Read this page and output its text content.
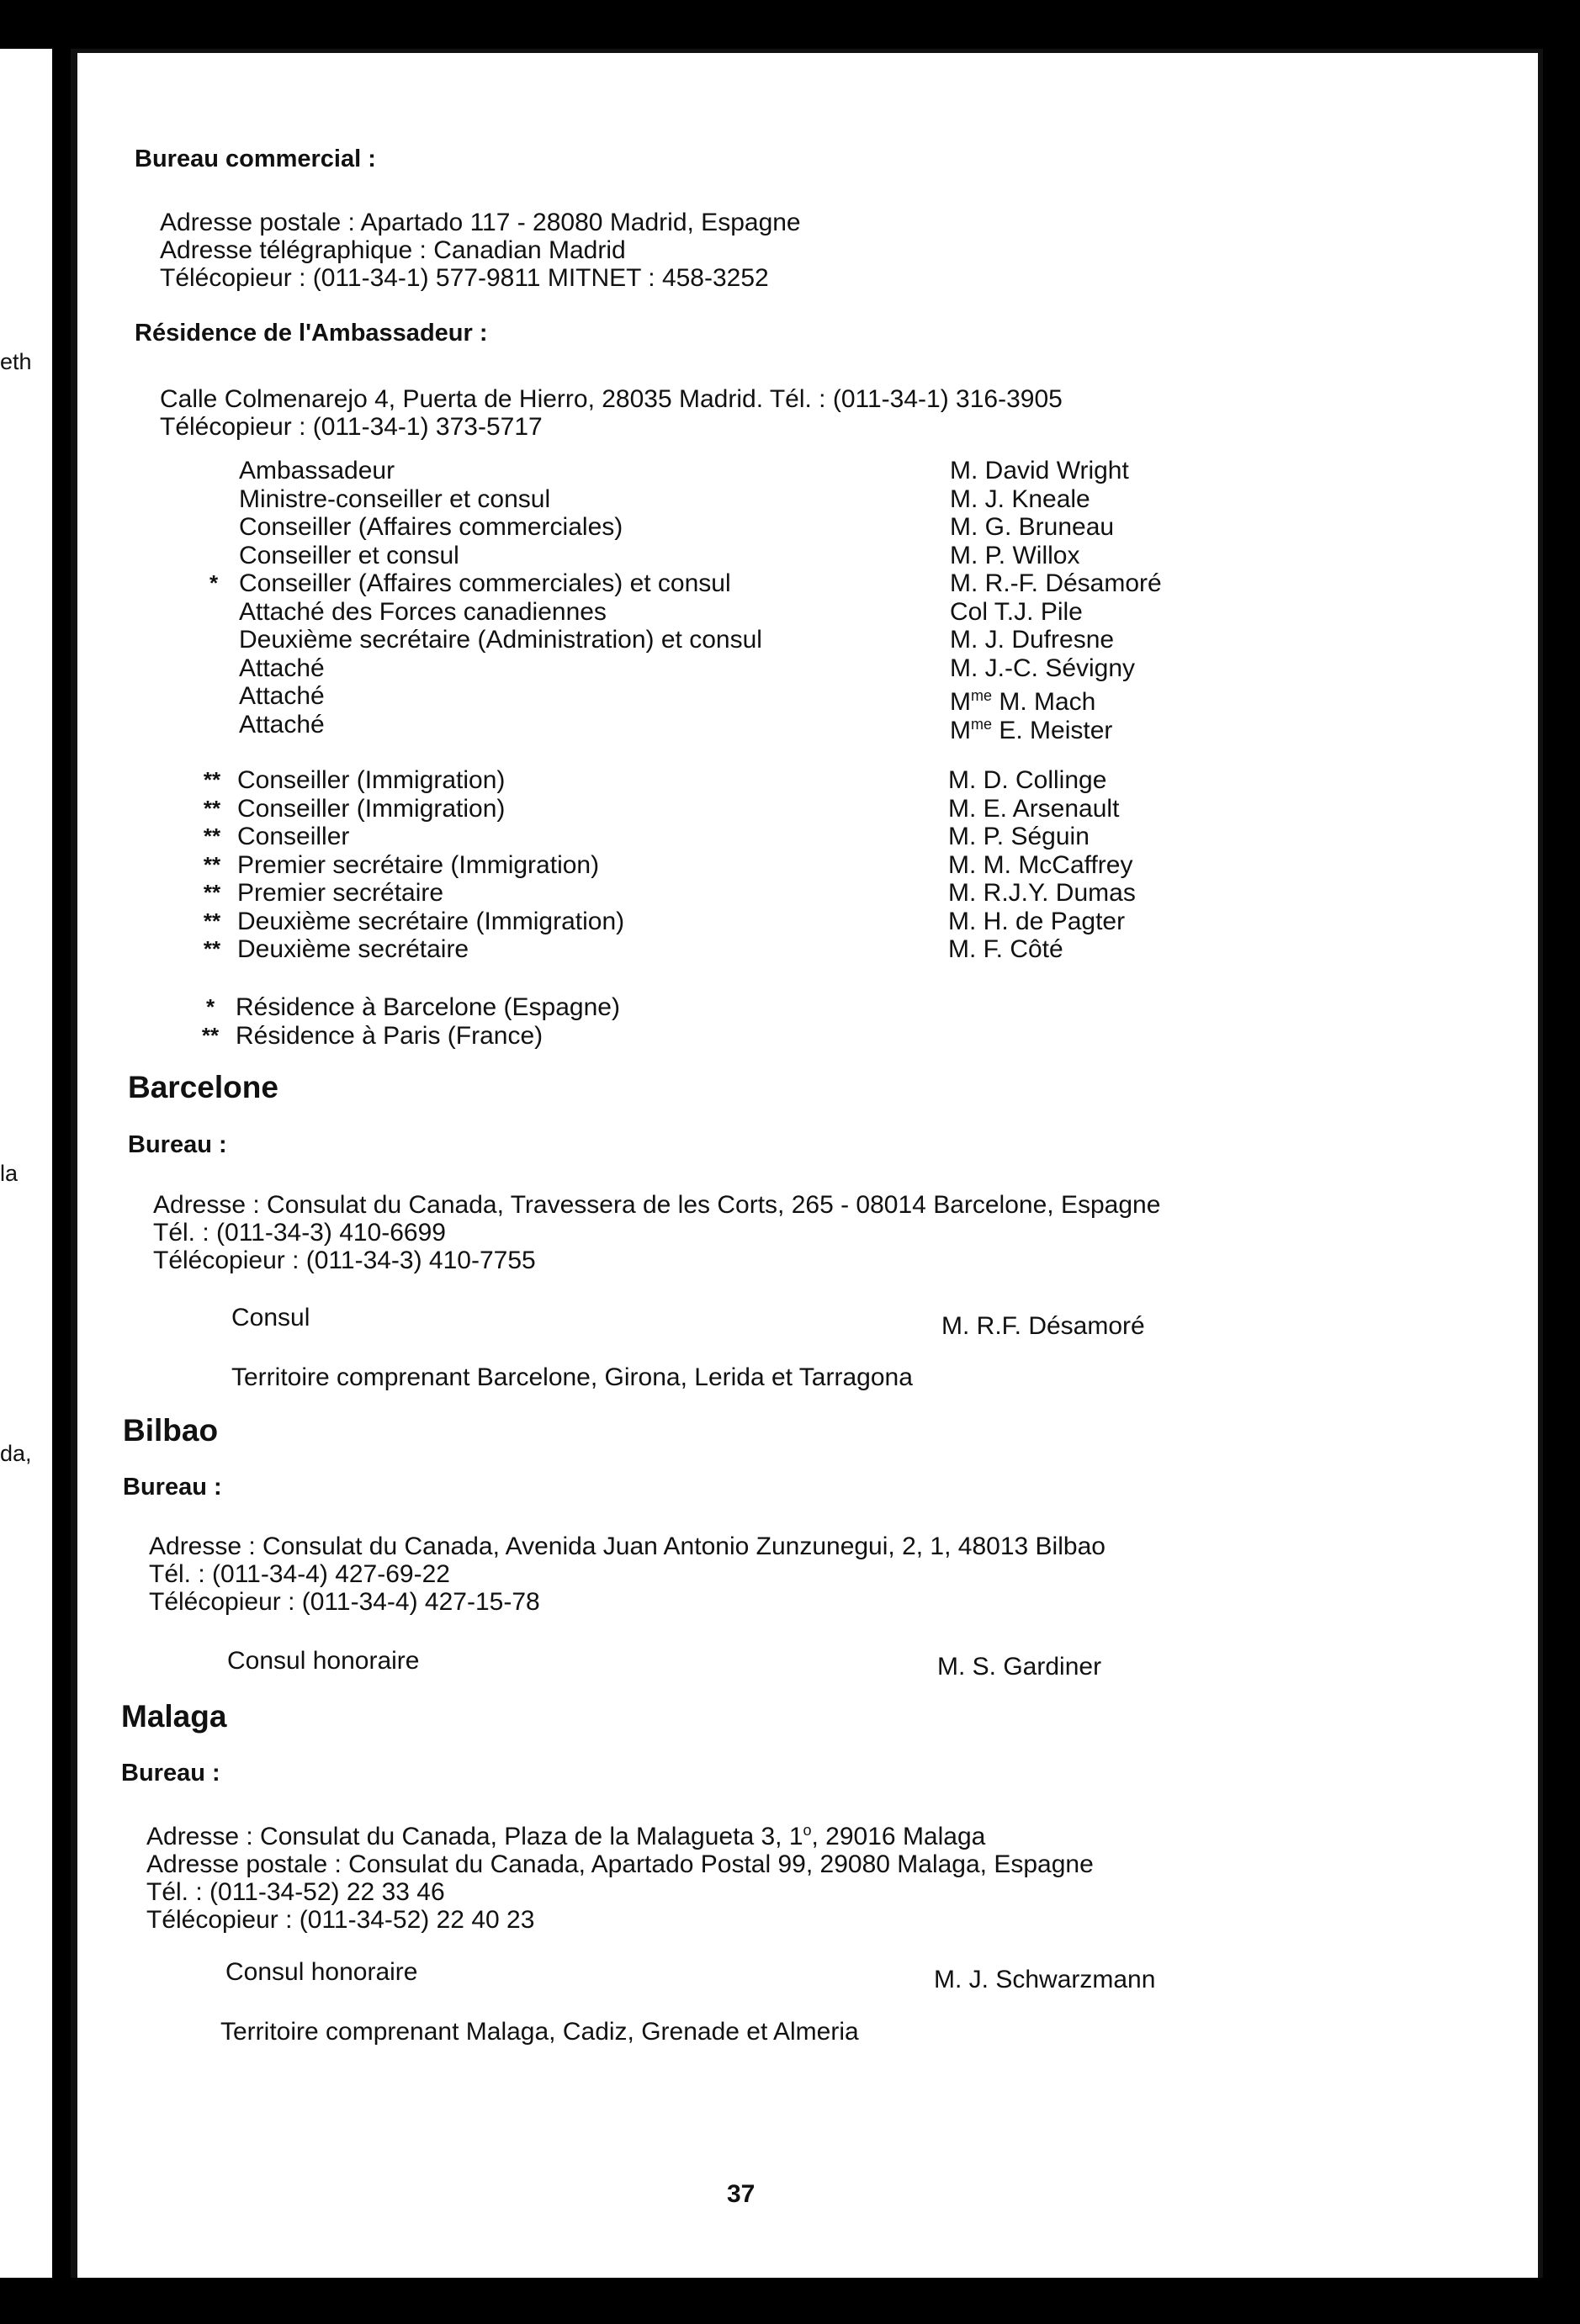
eth
la
da,
Bureau commercial :
Adresse postale : Apartado 117 - 28080 Madrid, Espagne
Adresse télégraphique : Canadian Madrid
Télécopieur : (011-34-1) 577-9811 MITNET : 458-3252
Résidence de l'Ambassadeur :
Calle Colmenarejo 4, Puerta de Hierro, 28035 Madrid. Tél. : (011-34-1) 316-3905
Télécopieur : (011-34-1) 373-5717
Ambassadeur	M. David Wright
Ministre-conseiller et consul	M. J. Kneale
Conseiller (Affaires commerciales)	M. G. Bruneau
Conseiller et consul	M. P. Willox
* Conseiller (Affaires commerciales) et consul	M. R.-F. Désamoré
Attaché des Forces canadiennes	Col T.J. Pile
Deuxième secrétaire (Administration) et consul	M. J. Dufresne
Attaché	M. J.-C. Sévigny
Attaché	$M^{me}$ M. Mach
Attaché	$M^{me}$ E. Meister
** Conseiller (Immigration)	M. D. Collinge
** Conseiller (Immigration)	M. E. Arsenault
** Conseiller	M. P. Séguin
** Premier secrétaire (Immigration)	M. M. McCaffrey
** Premier secrétaire	M. R.J.Y. Dumas
** Deuxième secrétaire (Immigration)	M. H. de Pagter
** Deuxième secrétaire	M. F. Côté
* Résidence à Barcelone (Espagne)
** Résidence à Paris (France)
Barcelone
Bureau :
Adresse : Consulat du Canada, Travessera de les Corts, 265 - 08014 Barcelone, Espagne
Tél. : (011-34-3) 410-6699
Télécopieur : (011-34-3) 410-7755
Consul	M. R.F. Désamoré
Territoire comprenant Barcelone, Girona, Lerida et Tarragona
Bilbao
Bureau :
Adresse : Consulat du Canada, Avenida Juan Antonio Zunzunegui, 2, 1, 48013 Bilbao
Tél. : (011-34-4) 427-69-22
Télécopieur : (011-34-4) 427-15-78
Consul honoraire	M. S. Gardiner
Malaga
Bureau :
Adresse : Consulat du Canada, Plaza de la Malagueta 3, 1$^o$, 29016 Malaga
Adresse postale : Consulat du Canada, Apartado Postal 99, 29080 Malaga, Espagne
Tél. : (011-34-52) 22 33 46
Télécopieur : (011-34-52) 22 40 23
Consul honoraire	M. J. Schwarzmann
Territoire comprenant Malaga, Cadiz, Grenade et Almeria
37
